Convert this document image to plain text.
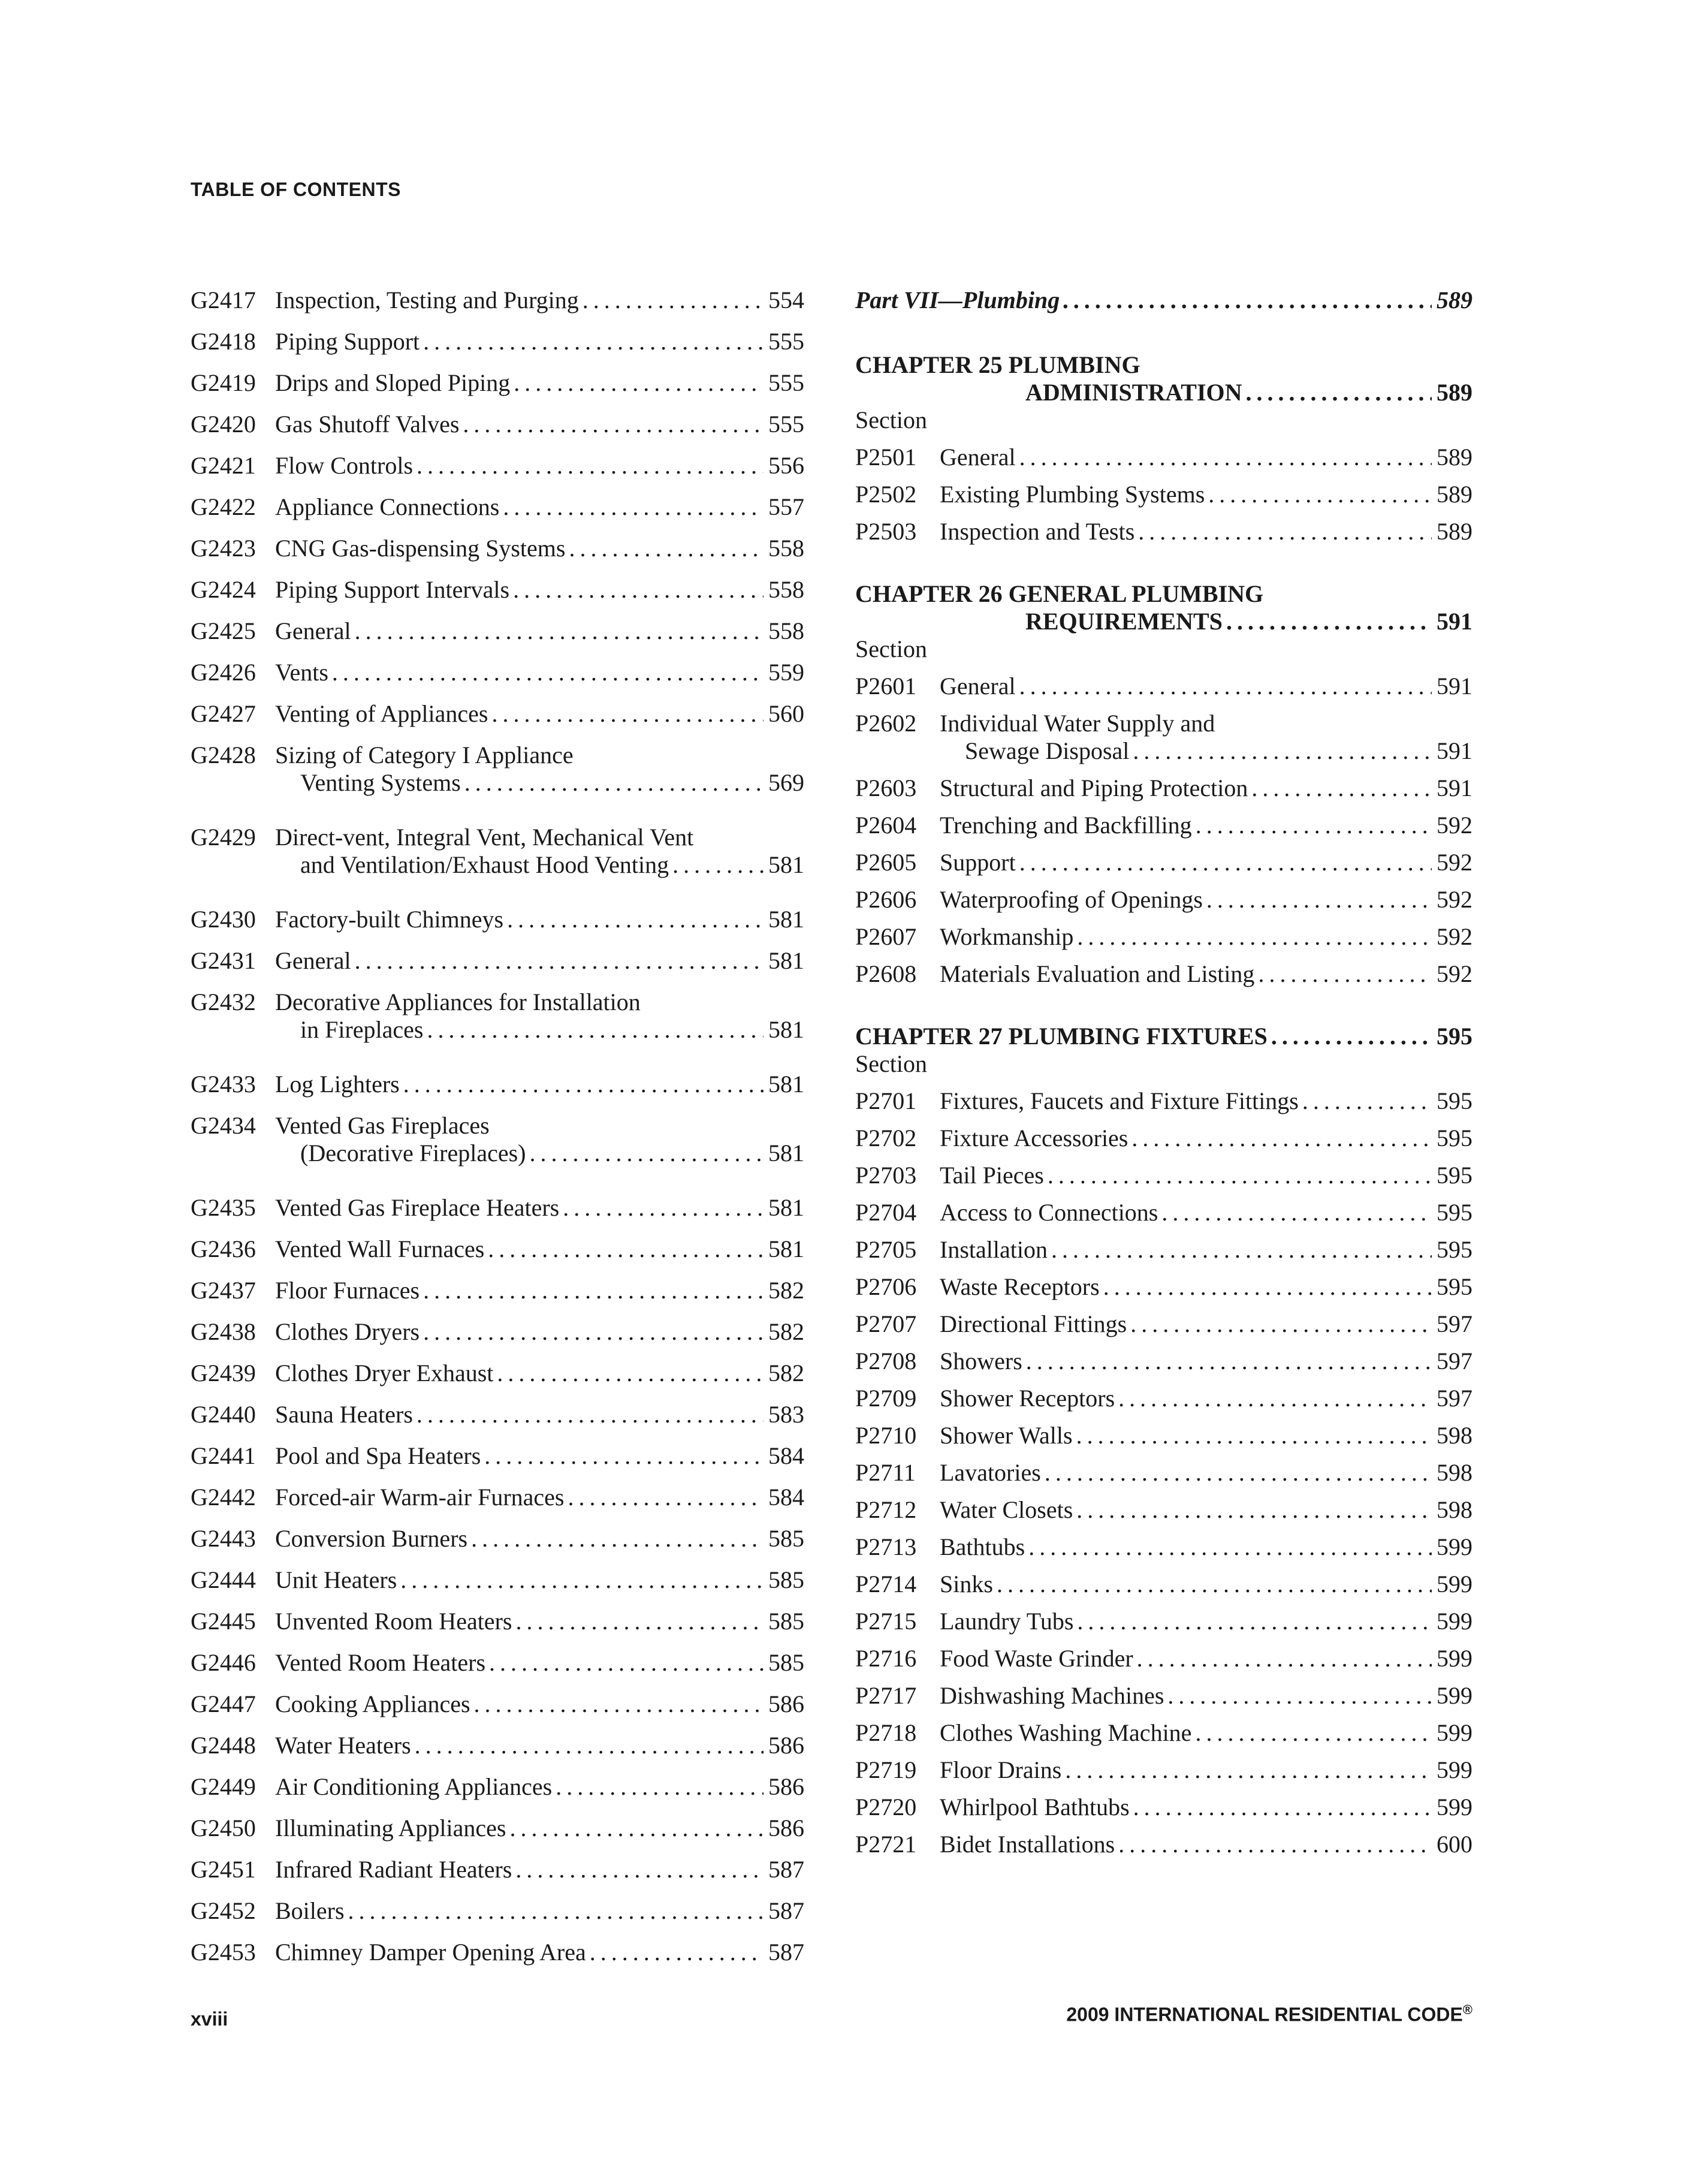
TABLE OF CONTENTS
G2417 Inspection, Testing and Purging . . .	554
G2418 Piping Support . . .	555
G2419 Drips and Sloped Piping . . .	555
G2420 Gas Shutoff Valves . . .	555
G2421 Flow Controls . . .	556
G2422 Appliance Connections . . .	557
G2423 CNG Gas-dispensing Systems . . .	558
G2424 Piping Support Intervals . . .	558
G2425 General . . .	558
G2426 Vents . . .	559
G2427 Venting of Appliances . . .	560
G2428 Sizing of Category I Appliance
Venting Systems . . .	569
G2429 Direct-vent, Integral Vent, Mechanical Vent
and Ventilation/Exhaust Hood Venting . . .	581
G2430 Factory-built Chimneys . . .	581
G2431 General . . .	581
G2432 Decorative Appliances for Installation
in Fireplaces . . .	581
G2433 Log Lighters . . .	581
G2434 Vented Gas Fireplaces
(Decorative Fireplaces) . . .	581
G2435 Vented Gas Fireplace Heaters . . .	581
G2436 Vented Wall Furnaces . . .	581
G2437 Floor Furnaces . . .	582
G2438 Clothes Dryers . . .	582
G2439 Clothes Dryer Exhaust . . .	582
G2440 Sauna Heaters . . .	583
G2441 Pool and Spa Heaters . . .	584
G2442 Forced-air Warm-air Furnaces . . .	584
G2443 Conversion Burners . . .	585
G2444 Unit Heaters . . .	585
G2445 Unvented Room Heaters . . .	585
G2446 Vented Room Heaters . . .	585
G2447 Cooking Appliances . . .	586
G2448 Water Heaters . . .	586
G2449 Air Conditioning Appliances . . .	586
G2450 Illuminating Appliances . . .	586
G2451 Infrared Radiant Heaters . . .	587
G2452 Boilers . . .	587
G2453 Chimney Damper Opening Area . . .	587
Part VII—Plumbing . . .	589
CHAPTER 25 PLUMBING
ADMINISTRATION . . .	589
Section
P2501 General . . .	589
P2502 Existing Plumbing Systems . . .	589
P2503 Inspection and Tests . . .	589
CHAPTER 26 GENERAL PLUMBING
REQUIREMENTS . . .	591
Section
P2601 General . . .	591
P2602 Individual Water Supply and
Sewage Disposal . . .	591
P2603 Structural and Piping Protection . . .	591
P2604 Trenching and Backfilling . . .	592
P2605 Support . . .	592
P2606 Waterproofing of Openings . . .	592
P2607 Workmanship . . .	592
P2608 Materials Evaluation and Listing . . .	592
CHAPTER 27 PLUMBING FIXTURES . . .	595
Section
P2701 Fixtures, Faucets and Fixture Fittings . . .	595
P2702 Fixture Accessories . . .	595
P2703 Tail Pieces . . .	595
P2704 Access to Connections . . .	595
P2705 Installation . . .	595
P2706 Waste Receptors . . .	595
P2707 Directional Fittings . . .	597
P2708 Showers . . .	597
P2709 Shower Receptors . . .	597
P2710 Shower Walls . . .	598
P2711	Lavatories . . .	598
P2712 Water Closets . . .	598
P2713 Bathtubs . . .	599
P2714 Sinks . . .	599
P2715 Laundry Tubs . . .	599
P2716 Food Waste Grinder . . .	599
P2717 Dishwashing Machines . . .	599
P2718 Clothes Washing Machine . . .	599
P2719 Floor Drains . . .	599
P2720 Whirlpool Bathtubs . . .	599
P2721 Bidet Installations . . .	600
xviii	2009 INTERNATIONAL RESIDENTIAL CODE®
